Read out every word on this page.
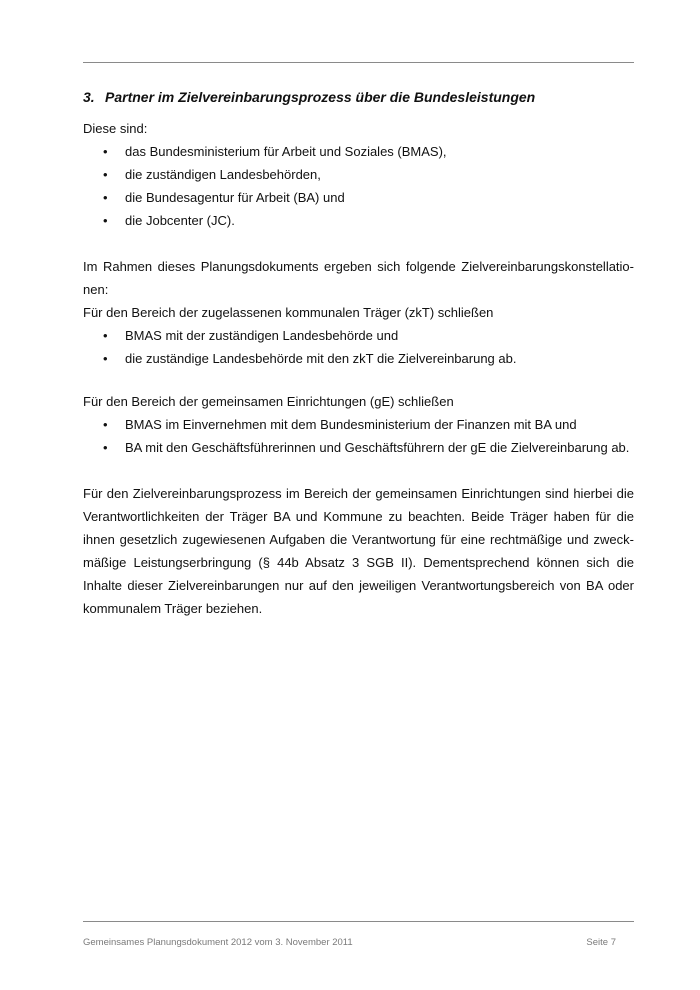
3. Partner im Zielvereinbarungsprozess über die Bundesleistungen

Diese sind:

• das Bundesministerium für Arbeit und Soziales (BMAS),
• die zuständigen Landesbehörden,
• die Bundesagentur für Arbeit (BA) und
• die Jobcenter (JC).

Im Rahmen dieses Planungsdokuments ergeben sich folgende Zielvereinbarungskonstellatio-nen:

Für den Bereich der zugelassenen kommunalen Träger (zkT) schließen

• BMAS mit der zuständigen Landesbehörde und
• die zuständige Landesbehörde mit den zkT die Zielvereinbarung ab.

Für den Bereich der gemeinsamen Einrichtungen (gE) schließen

• BMAS im Einvernehmen mit dem Bundesministerium der Finanzen mit BA und
• BA mit den Geschäftsführerinnen und Geschäftsführern der gE die Zielvereinbarung ab.

Für den Zielvereinbarungsprozess im Bereich der gemeinsamen Einrichtungen sind hierbei die Verantwortlichkeiten der Träger BA und Kommune zu beachten. Beide Träger haben für die ihnen gesetzlich zugewiesenen Aufgaben die Verantwortung für eine rechtmäßige und zweck-mäßige Leistungserbringung (§ 44b Absatz 3 SGB II). Dementsprechend können sich die Inhalte dieser Zielvereinbarungen nur auf den jeweiligen Verantwortungsbereich von BA oder kommunalem Träger beziehen.

Gemeinsames Planungsdokument 2012 vom 3. November 2011	Seite 7
